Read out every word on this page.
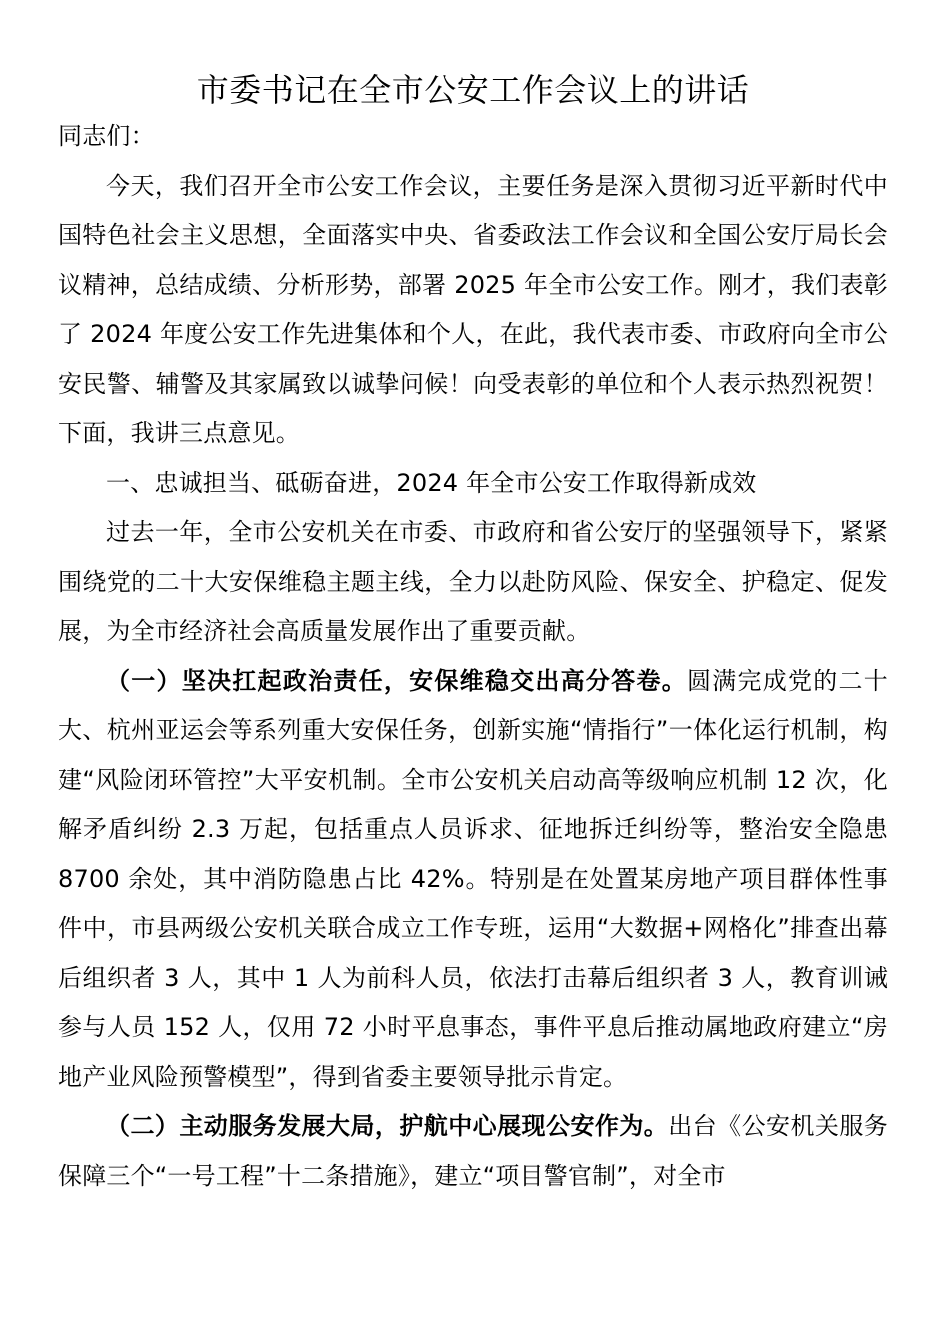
市委书记在全市公安工作会议上的讲话

同志们：

今天，我们召开全市公安工作会议，主要任务是深入贯彻习近平新时代中国特色社会主义思想，全面落实中央、省委政法工作会议和全国公安厅局长会议精神，总结成绩、分析形势，部署 2025 年全市公安工作。刚才，我们表彰了 2024 年度公安工作先进集体和个人，在此，我代表市委、市政府向全市公安民警、辅警及其家属致以诚挚问候！向受表彰的单位和个人表示热烈祝贺！下面，我讲三点意见。

一、忠诚担当、砥砺奋进，2024 年全市公安工作取得新成效

过去一年，全市公安机关在市委、市政府和省公安厅的坚强领导下，紧紧围绕党的二十大安保维稳主题主线，全力以赴防风险、保安全、护稳定、促发展，为全市经济社会高质量发展作出了重要贡献。

（一）坚决扛起政治责任，安保维稳交出高分答卷。圆满完成党的二十大、杭州亚运会等系列重大安保任务，创新实施“情指行”一体化运行机制，构建“风险闭环管控”大平安机制。全市公安机关启动高等级响应机制 12 次，化解矛盾纠纷 2.3 万起，包括重点人员诉求、征地拆迁纠纷等，整治安全隐患 8700 余处，其中消防隐患占比 42%。特别是在处置某房地产项目群体性事件中，市县两级公安机关联合成立工作专班，运用“大数据+网格化”排查出幕后组织者 3 人，其中 1 人为前科人员，依法打击幕后组织者 3 人，教育训诫参与人员 152 人，仅用 72 小时平息事态，事件平息后推动属地政府建立“房地产业风险预警模型”，得到省委主要领导批示肯定。

（二）主动服务发展大局，护航中心展现公安作为。出台《公安机关服务保障三个“一号工程”十二条措施》，建立“项目警官制”，对全市
